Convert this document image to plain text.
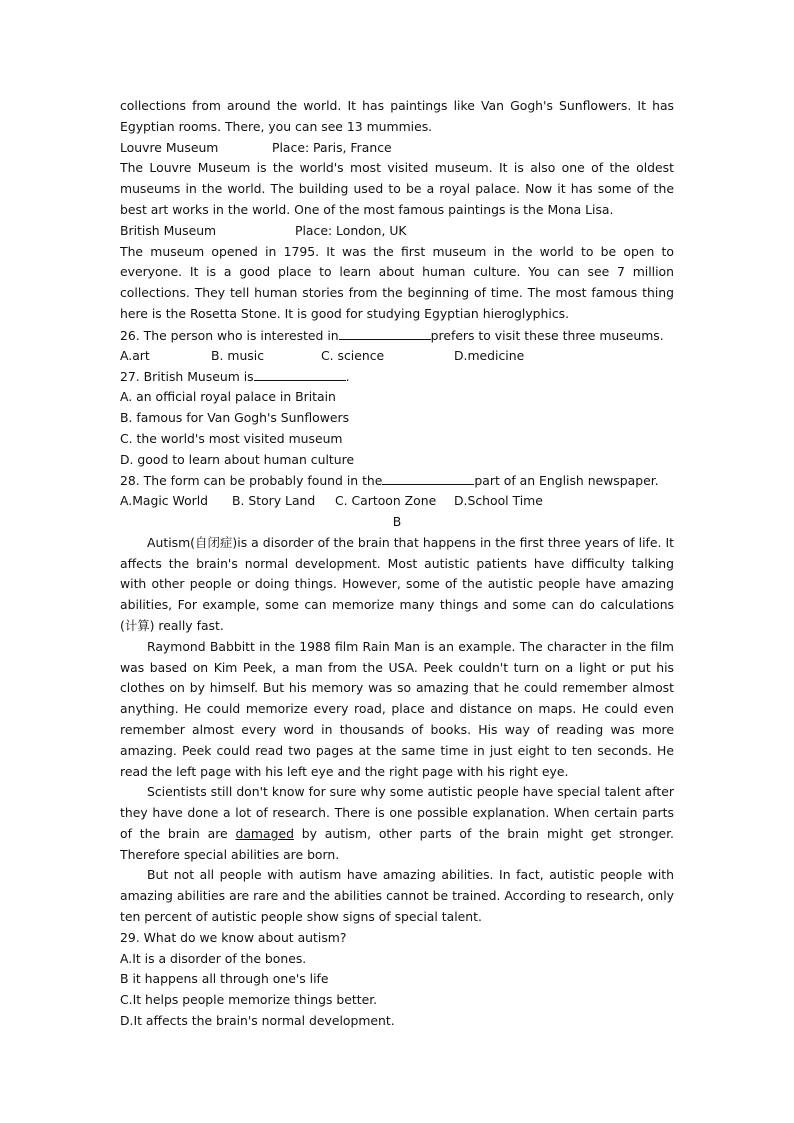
collections from around the world. It has paintings like Van Gogh's Sunflowers. It has Egyptian rooms. There, you can see 13 mummies.

Louvre Museum	Place: Paris, France

The Louvre Museum is the world's most visited museum. It is also one of the oldest museums in the world. The building used to be a royal palace. Now it has some of the best art works in the world. One of the most famous paintings is the Mona Lisa.

British Museum	Place: London, UK

The museum opened in 1795. It was the first museum in the world to be open to everyone. It is a good place to learn about human culture. You can see 7 million collections. They tell human stories from the beginning of time. The most famous thing here is the Rosetta Stone. It is good for studying Egyptian hieroglyphics.

26. The person who is interested in	prefers to visit these three museums.

A.art	B. music	C. science	D.medicine

27. British Museum is	.

A. an official royal palace in Britain

B. famous for Van Gogh's Sunflowers

C. the world's most visited museum

D. good to learn about human culture

28. The form can be probably found in the	part of an English newspaper.

A.Magic World B. Story Land C. Cartoon Zone D.School Time

B

Autism(自闭症)is a disorder of the brain that happens in the first three years of life. It affects the brain's normal development. Most autistic patients have difficulty talking with other people or doing things. However, some of the autistic people have amazing abilities, For example, some can memorize many things and some can do calculations (计算) really fast.

Raymond Babbitt in the 1988 film Rain Man is an example. The character in the film was based on Kim Peek, a man from the USA. Peek couldn't turn on a light or put his clothes on by himself. But his memory was so amazing that he could remember almost anything. He could memorize every road, place and distance on maps. He could even remember almost every word in thousands of books. His way of reading was more amazing. Peek could read two pages at the same time in just eight to ten seconds. He read the left page with his left eye and the right page with his right eye.

Scientists still don't know for sure why some autistic people have special talent after they have done a lot of research. There is one possible explanation. When certain parts of the brain are damaged by autism, other parts of the brain might get stronger. Therefore special abilities are born.

But not all people with autism have amazing abilities. In fact, autistic people with amazing abilities are rare and the abilities cannot be trained. According to research, only ten percent of autistic people show signs of special talent.

29. What do we know about autism?

A.It is a disorder of the bones.

B it happens all through one's life

C.It helps people memorize things better.

D.It affects the brain's normal development.
